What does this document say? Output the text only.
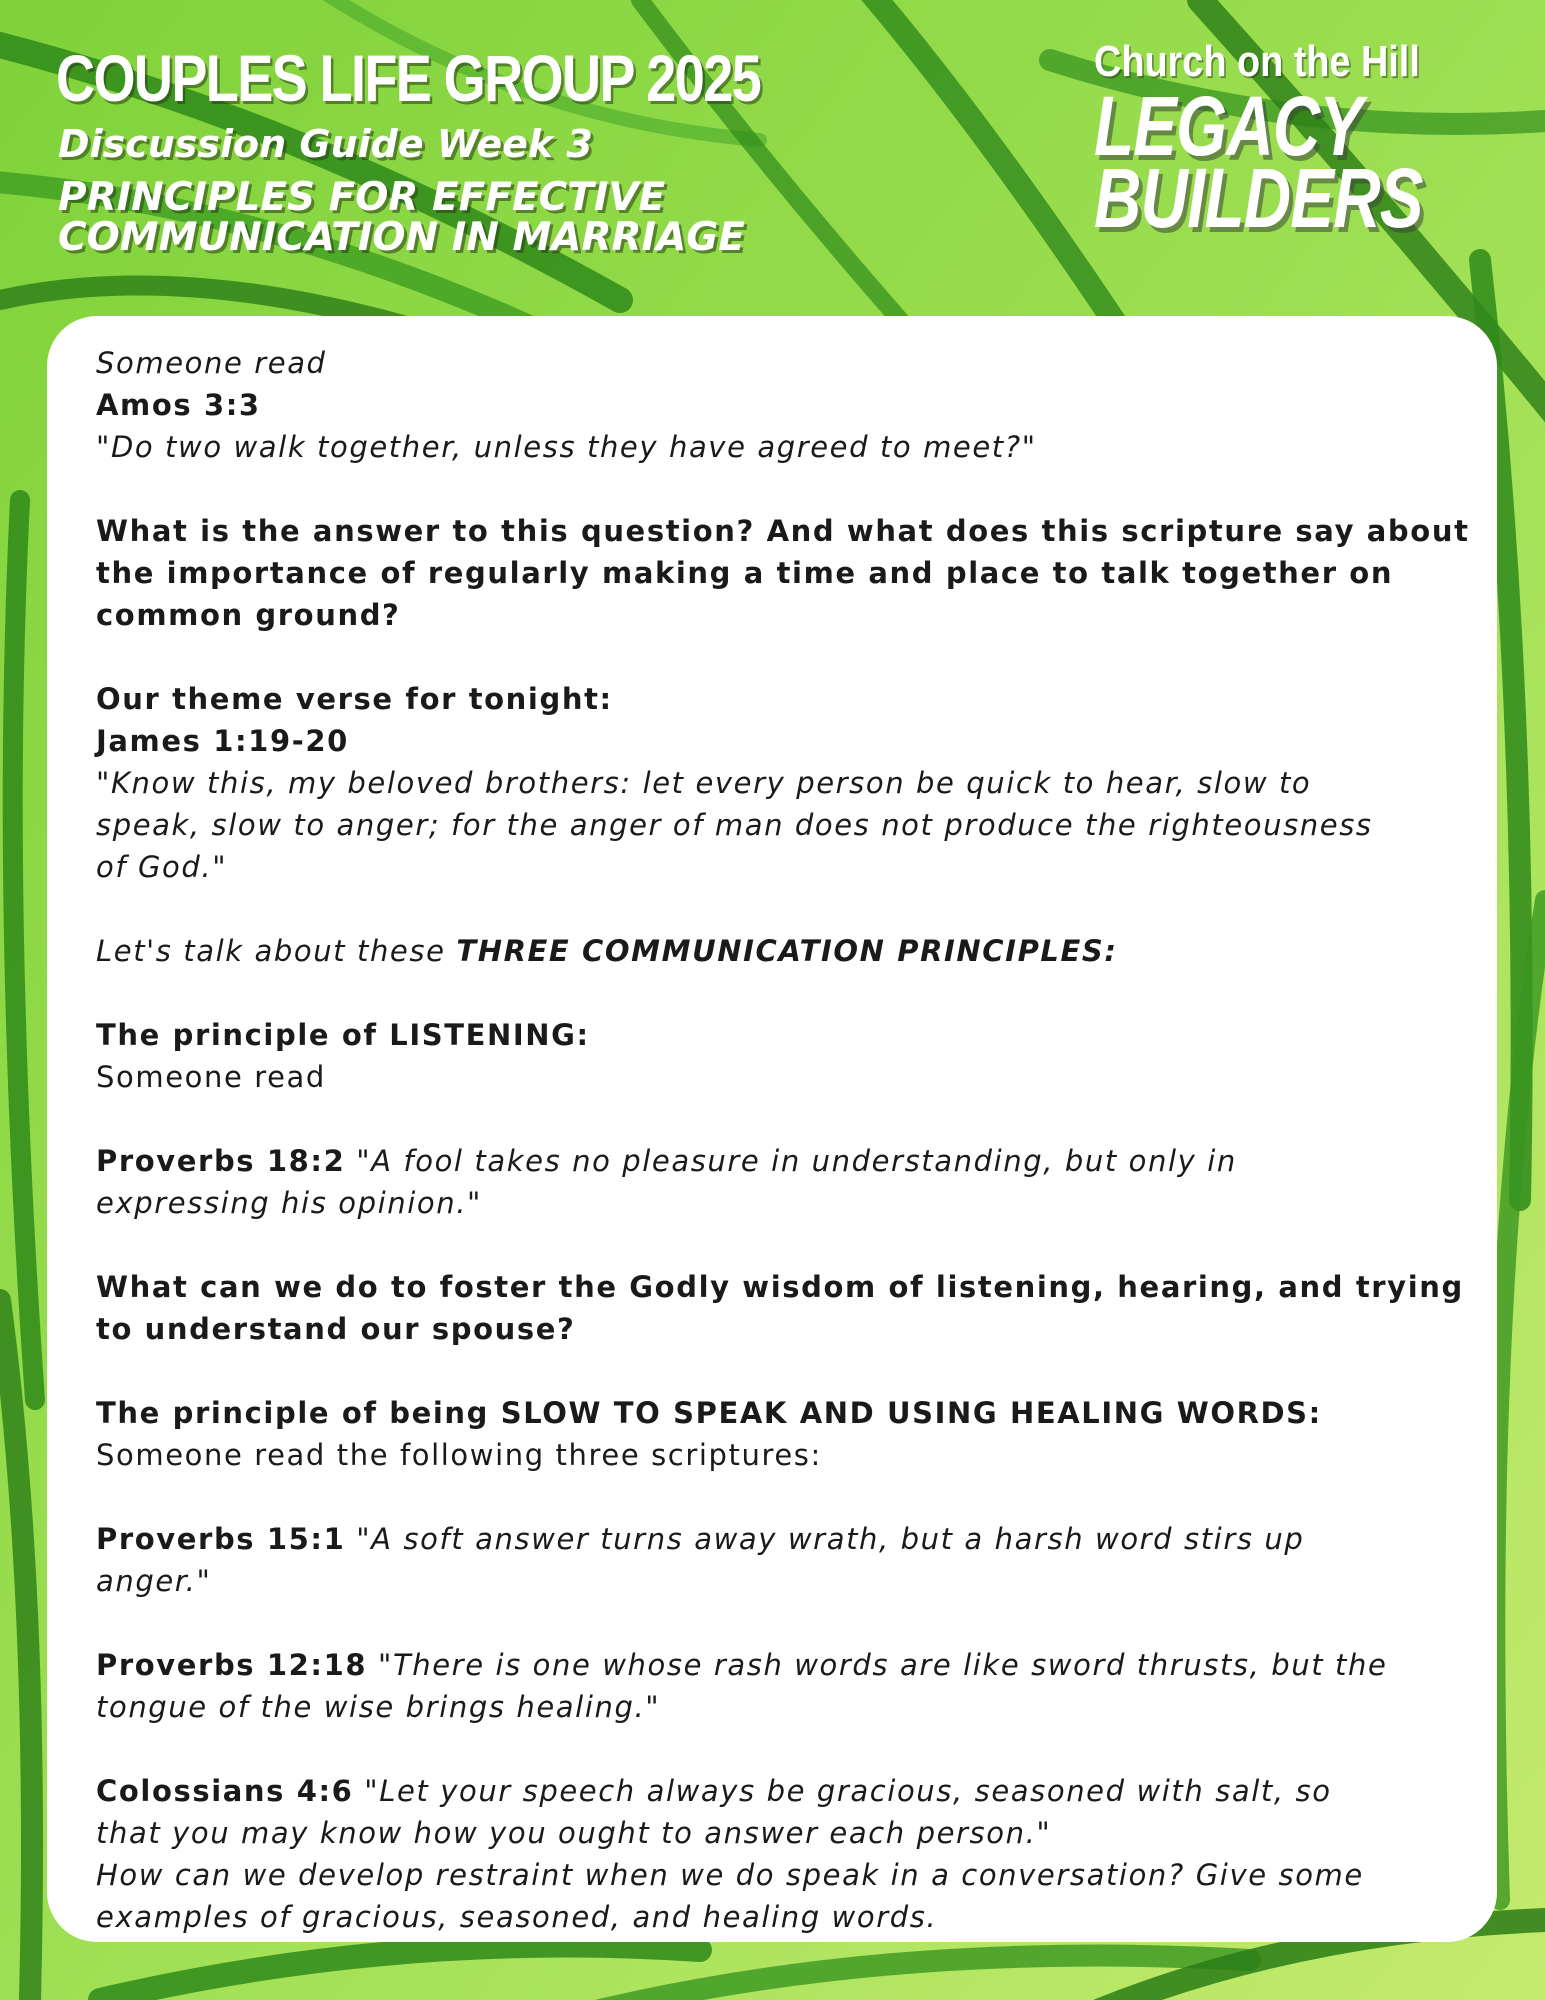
COUPLES LIFE GROUP 2025
Discussion Guide Week 3
PRINCIPLES FOR EFFECTIVE
COMMUNICATION IN MARRIAGE
Church on the Hill
LEGACY
BUILDERS

Someone read

Amos 3:3

"Do two walk together, unless they have agreed to meet?"

What is the answer to this question? And what does this scripture say about

the importance of regularly making a time and place to talk together on

common ground?

Our theme verse for tonight:

James 1:19-20

"Know this, my beloved brothers: let every person be quick to hear, slow to

speak, slow to anger; for the anger of man does not produce the righteousness

of God."

Let's talk about these THREE COMMUNICATION PRINCIPLES:

The principle of LISTENING:

Someone read

Proverbs 18:2 "A fool takes no pleasure in understanding, but only in

expressing his opinion."

What can we do to foster the Godly wisdom of listening, hearing, and trying

to understand our spouse?

The principle of being SLOW TO SPEAK AND USING HEALING WORDS:

Someone read the following three scriptures:

Proverbs 15:1 "A soft answer turns away wrath, but a harsh word stirs up

anger."

Proverbs 12:18 "There is one whose rash words are like sword thrusts, but the

tongue of the wise brings healing."

Colossians 4:6 "Let your speech always be gracious, seasoned with salt, so

that you may know how you ought to answer each person."

How can we develop restraint when we do speak in a conversation? Give some

examples of gracious, seasoned, and healing words.
